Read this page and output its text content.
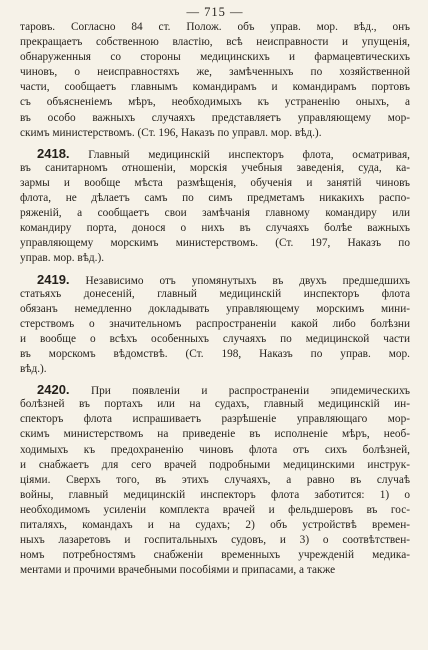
— 715 —
таровъ. Согласно 84 ст. Полож. объ управ. мор. вѣд., онъ
прекращаетъ собственною властію, всѣ неисправности и упущенія,
обнаруженныя со стороны медицинскихъ и фармацевтическихъ
чиновъ, о неисправностяхъ же, замѣченныхъ по хозяйственной
части, сообщаетъ главнымъ командирамъ и командирамъ портовъ
съ объясненіемъ мѣръ, необходимыхъ къ устраненію оныхъ, а
въ особо важныхъ случаяхъ представляетъ управляющему мор-
скимъ министерствомъ. (Ст. 196, Наказъ по управл. мор. вѣд.).
2418. Главный медицинскій инспекторъ флота, осматривая,
въ санитарномъ отношеніи, морскія учебныя заведенія, суда, ка-
зармы и вообще мѣста размѣщенія, обученія и занятій чиновъ
флота, не дѣлаетъ самъ по симъ предметамъ никакихъ распо-
ряженій, а сообщаетъ свои замѣчанія главному командиру или
командиру порта, донося о нихъ въ случаяхъ болѣе важныхъ
управляющему морскимъ министерствомъ. (Ст. 197, Наказъ по
управ. мор. вѣд.).
2419. Независимо отъ упомянутыхъ въ двухъ предшедшихъ
статьяхъ донесеній, главный медицинскій инспекторъ флота
обязанъ немедленно докладывать управляющему морскимъ мини-
стерствомъ о значительномъ распространеніи какой либо болѣзни
и вообще о всѣхъ особенныхъ случаяхъ по медицинской части
въ морскомъ вѣдомствѣ. (Ст. 198, Наказъ по управ. мор.
вѣд.).
2420. При появленіи и распространеніи эпидемическихъ
болѣзней въ портахъ или на судахъ, главный медицинскій ин-
спекторъ флота испрашиваетъ разрѣшеніе управляющаго мор-
скимъ министерствомъ на приведеніе въ исполненіе мѣръ, необ-
ходимыхъ къ предохраненію чиновъ флота отъ сихъ болѣзней,
и снабжаетъ для сего врачей подробными медицинскими инструк-
ціями. Сверхъ того, въ этихъ случаяхъ, а равно въ случаѣ
войны, главный медицинскій инспекторъ флота заботится: 1) о
необходимомъ усиленіи комплекта врачей и фельдшеровъ въ гос-
питаляхъ, командахъ и на судахъ; 2) объ устройствѣ времен-
ныхъ лазаретовъ и госпитальныхъ судовъ, и 3) о соотвѣтствен-
номъ потребностямъ снабженіи временныхъ учрежденій медика-
ментами и прочими врачебными пособіями и припасами, а также
